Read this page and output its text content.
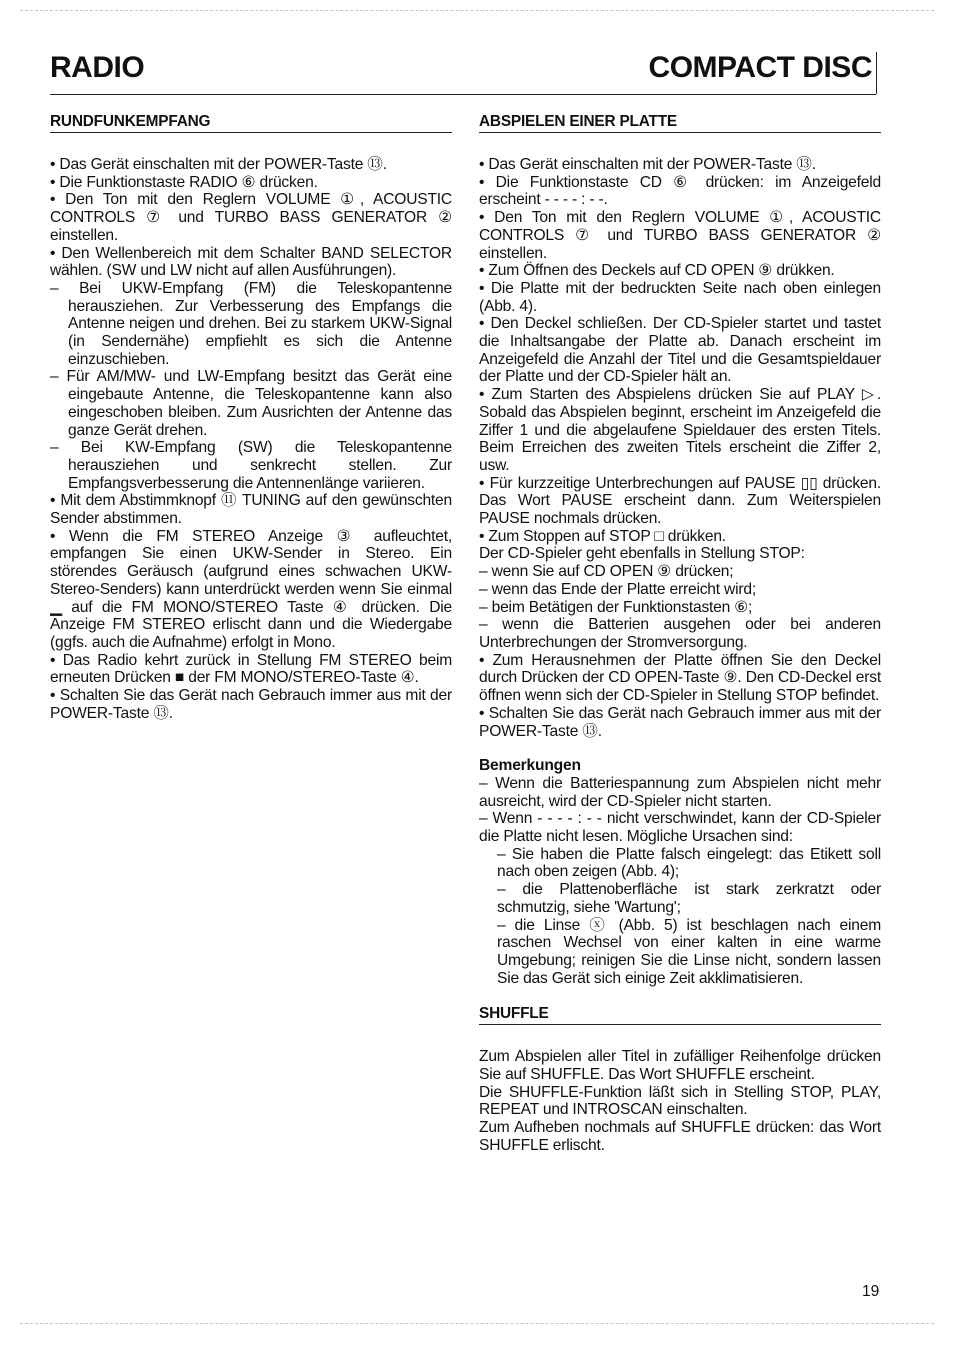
RADIO	COMPACT DISC
RUNDFUNKEMPFANG

• Das Gerät einschalten mit der POWER-Taste ⑬.

• Die Funktionstaste RADIO ⑥ drücken.

• Den Ton mit den Reglern VOLUME ①, ACOUSTIC CONTROLS ⑦ und TURBO BASS GENERATOR ② einstellen.

• Den Wellenbereich mit dem Schalter BAND SELECTOR wählen. (SW und LW nicht auf allen Ausführungen).

– Bei UKW-Empfang (FM) die Teleskopantenne herausziehen. Zur Verbesserung des Empfangs die Antenne neigen und drehen. Bei zu starkem UKW-Signal (in Sendernähe) empfiehlt es sich die Antenne einzuschieben.

– Für AM/MW- und LW-Empfang besitzt das Gerät eine eingebaute Antenne, die Teleskopantenne kann also eingeschoben bleiben. Zum Ausrichten der Antenne das ganze Gerät drehen.

– Bei KW-Empfang (SW) die Teleskopantenne herausziehen und senkrecht stellen. Zur Empfangsverbesserung die Antennenlänge variieren.

• Mit dem Abstimmknopf ⑪ TUNING auf den gewünschten Sender abstimmen.

• Wenn die FM STEREO Anzeige ③ aufleuchtet, empfangen Sie einen UKW-Sender in Stereo. Ein störendes Geräusch (aufgrund eines schwachen UKW-Stereo-Senders) kann unterdrückt werden wenn Sie einmal ▁ auf die FM MONO/STEREO Taste ④ drücken. Die Anzeige FM STEREO erlischt dann und die Wiedergabe (ggfs. auch die Aufnahme) erfolgt in Mono.

• Das Radio kehrt zurück in Stellung FM STEREO beim erneuten Drücken ■ der FM MONO/STEREO-Taste ④.

• Schalten Sie das Gerät nach Gebrauch immer aus mit der POWER-Taste ⑬.

ABSPIELEN EINER PLATTE

• Das Gerät einschalten mit der POWER-Taste ⑬.

• Die Funktionstaste CD ⑥ drücken: im Anzeigefeld erscheint - - - - : - -.

• Den Ton mit den Reglern VOLUME ①, ACOUSTIC CONTROLS ⑦ und TURBO BASS GENERATOR ② einstellen.

• Zum Öffnen des Deckels auf CD OPEN ⑨ drükken.

• Die Platte mit der bedruckten Seite nach oben einlegen (Abb. 4).

• Den Deckel schließen. Der CD-Spieler startet und tastet die Inhaltsangabe der Platte ab. Danach erscheint im Anzeigefeld die Anzahl der Titel und die Gesamtspieldauer der Platte und der CD-Spieler hält an.

• Zum Starten des Abspielens drücken Sie auf PLAY ▷. Sobald das Abspielen beginnt, erscheint im Anzeigefeld die Ziffer 1 und die abgelaufene Spieldauer des ersten Titels. Beim Erreichen des zweiten Titels erscheint die Ziffer 2, usw.

• Für kurzzeitige Unterbrechungen auf PAUSE ▯▯ drücken. Das Wort PAUSE erscheint dann. Zum Weiterspielen PAUSE nochmals drücken.

• Zum Stoppen auf STOP □ drükken.

Der CD-Spieler geht ebenfalls in Stellung STOP:

– wenn Sie auf CD OPEN ⑨ drücken;

– wenn das Ende der Platte erreicht wird;

– beim Betätigen der Funktionstasten ⑥;

– wenn die Batterien ausgehen oder bei anderen Unterbrechungen der Stromversorgung.

• Zum Herausnehmen der Platte öffnen Sie den Deckel durch Drücken der CD OPEN-Taste ⑨. Den CD-Deckel erst öffnen wenn sich der CD-Spieler in Stellung STOP befindet.

• Schalten Sie das Gerät nach Gebrauch immer aus mit der POWER-Taste ⑬.

Bemerkungen

– Wenn die Batteriespannung zum Abspielen nicht mehr ausreicht, wird der CD-Spieler nicht starten.

– Wenn - - - - : - - nicht verschwindet, kann der CD-Spieler die Platte nicht lesen. Mögliche Ursachen sind:

– Sie haben die Platte falsch eingelegt: das Etikett soll nach oben zeigen (Abb. 4);

– die Plattenoberfläche ist stark zerkratzt oder schmutzig, siehe 'Wartung';

– die Linse ⓧ (Abb. 5) ist beschlagen nach einem raschen Wechsel von einer kalten in eine warme Umgebung; reinigen Sie die Linse nicht, sondern lassen Sie das Gerät sich einige Zeit akklimatisieren.

SHUFFLE

Zum Abspielen aller Titel in zufälliger Reihenfolge drücken Sie auf SHUFFLE. Das Wort SHUFFLE erscheint.

Die SHUFFLE-Funktion läßt sich in Stelling STOP, PLAY, REPEAT und INTROSCAN einschalten.

Zum Aufheben nochmals auf SHUFFLE drücken: das Wort SHUFFLE erlischt.

19
